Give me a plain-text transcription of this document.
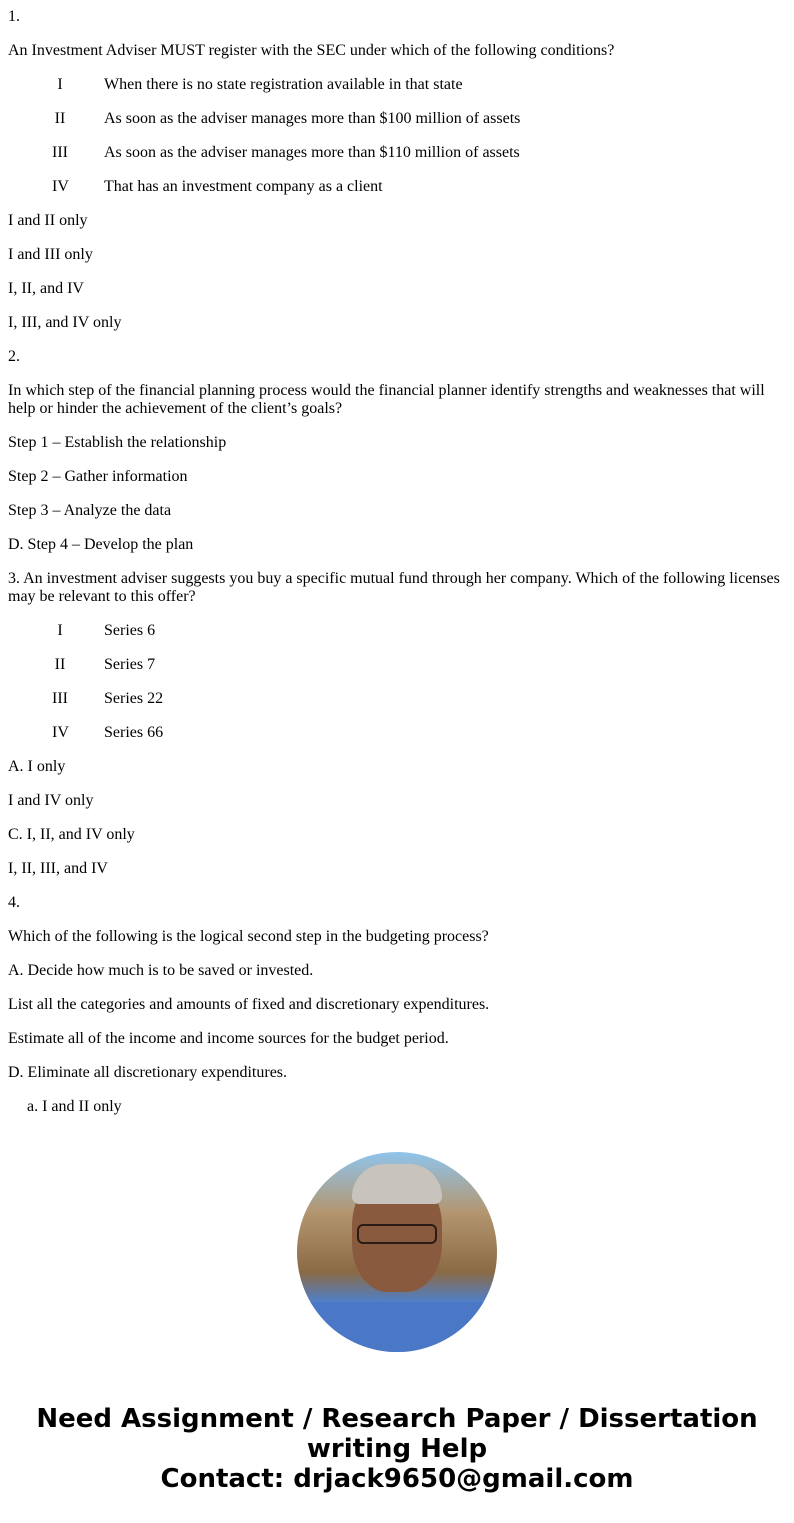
1.

An Investment Adviser MUST register with the SEC under which of the following conditions?

I	When there is no state registration available in that state
II	As soon as the adviser manages more than $100 million of assets
III	As soon as the adviser manages more than $110 million of assets
IV	That has an investment company as a client

I and II only

I and III only

I, II, and IV

I, III, and IV only

2.

In which step of the financial planning process would the financial planner identify strengths and weaknesses that will help or hinder the achievement of the client’s goals?

Step 1 – Establish the relationship

Step 2 – Gather information

Step 3 – Analyze the data

D. Step 4 – Develop the plan

3. An investment adviser suggests you buy a specific mutual fund through her company. Which of the following licenses may be relevant to this offer?

I	Series 6
II	Series 7
III	Series 22
IV	Series 66

A. I only

I and IV only

C. I, II, and IV only

I, II, III, and IV

4.

Which of the following is the logical second step in the budgeting process?

A. Decide how much is to be saved or invested.

List all the categories and amounts of fixed and discretionary expenditures.

Estimate all of the income and income sources for the budget period.

D. Eliminate all discretionary expenditures.

a. I and II only
Need Assignment / Research Paper / Dissertation writing Help
Contact: drjack9650@gmail.com
